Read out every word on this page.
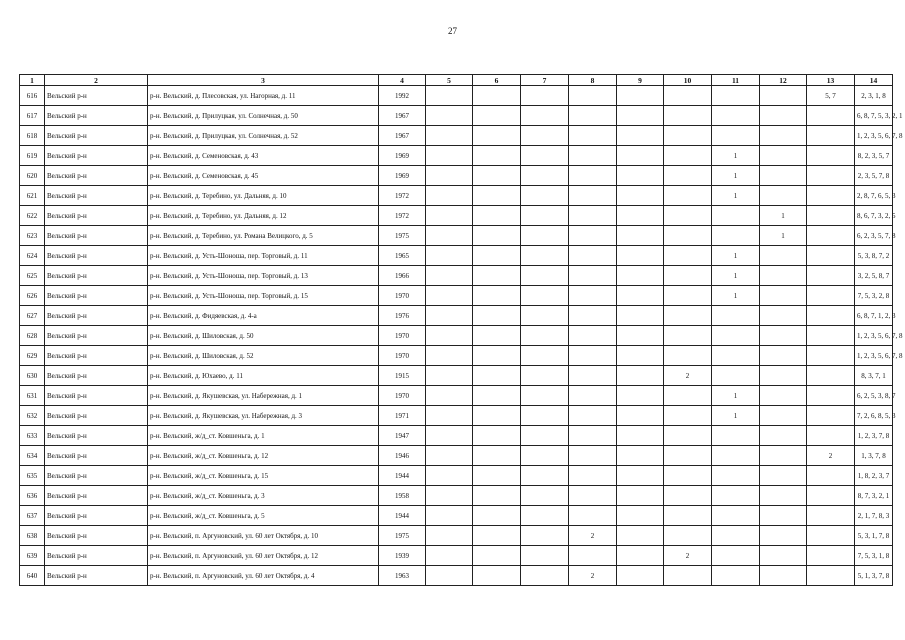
27
1	2	3	4	5	6	7	8	9	10	11	12	13	14
616	Вельский р-н	р-н. Вельский, д. Плесовская, ул. Нагорная, д. 11	1992									5, 7	2, 3, 1, 8
617	Вельский р-н	р-н. Вельский, д. Прилуцкая, ул. Солнечная, д. 50	1967										6, 8, 7, 5, 3, 2, 1
618	Вельский р-н	р-н. Вельский, д. Прилуцкая, ул. Солнечная, д. 52	1967										1, 2, 3, 5, 6, 7, 8
619	Вельский р-н	р-н. Вельский, д. Семеновская, д. 43	1969							1			8, 2, 3, 5, 7
620	Вельский р-н	р-н. Вельский, д. Семеновская, д. 45	1969							1			2, 3, 5, 7, 8
621	Вельский р-н	р-н. Вельский, д. Теребино, ул. Дальняя, д. 10	1972							1			2, 8, 7, 6, 5, 3
622	Вельский р-н	р-н. Вельский, д. Теребино, ул. Дальняя, д. 12	1972								1		8, 6, 7, 3, 2, 5
623	Вельский р-н	р-н. Вельский, д. Теребино, ул. Романа Велицкого, д. 5	1975								1		6, 2, 3, 5, 7, 8
624	Вельский р-н	р-н. Вельский, д. Усть-Шоноша, пер. Торговый, д. 11	1965							1			5, 3, 8, 7, 2
625	Вельский р-н	р-н. Вельский, д. Усть-Шоноша, пер. Торговый, д. 13	1966							1			3, 2, 5, 8, 7
626	Вельский р-н	р-н. Вельский, д. Усть-Шоноша, пер. Торговый, д. 15	1970							1			7, 5, 3, 2, 8
627	Вельский р-н	р-н. Вельский, д. Фидяевская, д. 4-а	1976										6, 8, 7, 1, 2, 3
628	Вельский р-н	р-н. Вельский, д. Шиловская, д. 50	1970										1, 2, 3, 5, 6, 7, 8
629	Вельский р-н	р-н. Вельский, д. Шиловская, д. 52	1970										1, 2, 3, 5, 6, 7, 8
630	Вельский р-н	р-н. Вельский, д. Юхаево, д. 11	1915						2				8, 3, 7, 1
631	Вельский р-н	р-н. Вельский, д. Якушевская, ул. Набережная, д. 1	1970							1			6, 2, 5, 3, 8, 7
632	Вельский р-н	р-н. Вельский, д. Якушевская, ул. Набережная, д. 3	1971							1			7, 2, 6, 8, 5, 3
633	Вельский р-н	р-н. Вельский, ж/д_ст. Ковшеньга, д. 1	1947										1, 2, 3, 7, 8
634	Вельский р-н	р-н. Вельский, ж/д_ст. Ковшеньга, д. 12	1946									2	1, 3, 7, 8
635	Вельский р-н	р-н. Вельский, ж/д_ст. Ковшеньга, д. 15	1944										1, 8, 2, 3, 7
636	Вельский р-н	р-н. Вельский, ж/д_ст. Ковшеньга, д. 3	1958										8, 7, 3, 2, 1
637	Вельский р-н	р-н. Вельский, ж/д_ст. Ковшеньга, д. 5	1944										2, 1, 7, 8, 3
638	Вельский р-н	р-н. Вельский, п. Аргуновский, ул. 60 лет Октября, д. 10	1975				2						5, 3, 1, 7, 8
639	Вельский р-н	р-н. Вельский, п. Аргуновский, ул. 60 лет Октября, д. 12	1939						2				7, 5, 3, 1, 8
640	Вельский р-н	р-н. Вельский, п. Аргуновский, ул. 60 лет Октября, д. 4	1963				2						5, 1, 3, 7, 8
